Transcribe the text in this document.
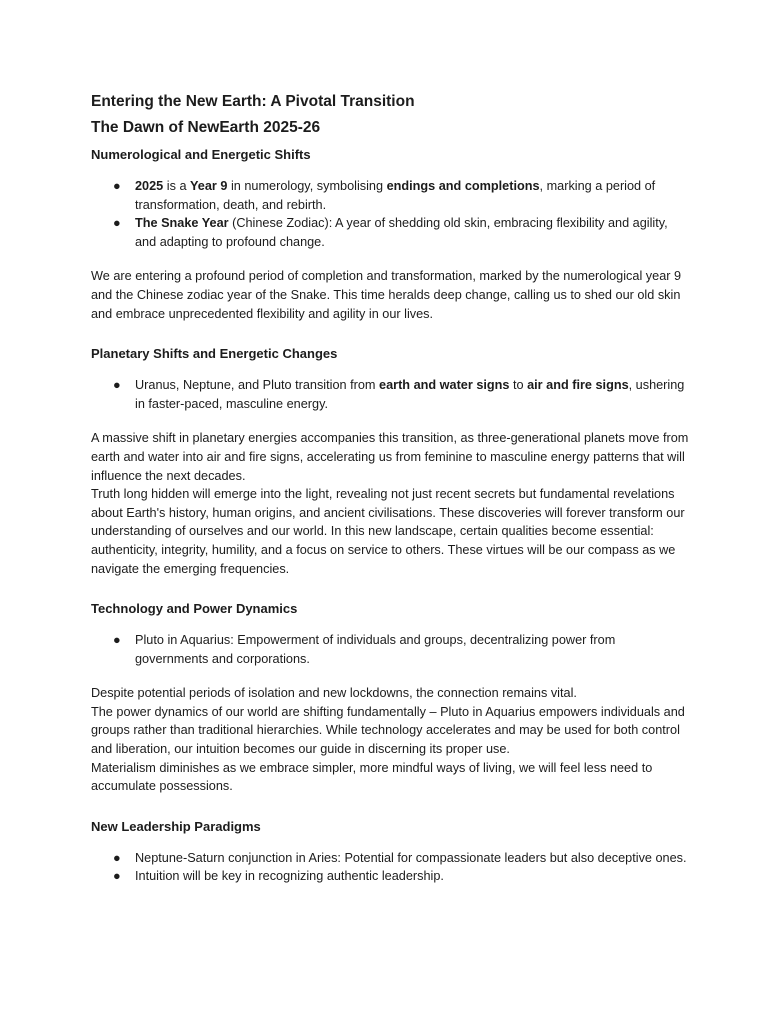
Entering the New Earth: A Pivotal Transition
The Dawn of NewEarth 2025-26
Numerological and Energetic Shifts
● 2025 is a Year 9 in numerology, symbolising endings and completions, marking a period of transformation, death, and rebirth.
● The Snake Year (Chinese Zodiac): A year of shedding old skin, embracing flexibility and agility, and adapting to profound change.

We are entering a profound period of completion and transformation, marked by the numerological year 9 and the Chinese zodiac year of the Snake. This time heralds deep change, calling us to shed our old skin and embrace unprecedented flexibility and agility in our lives.

Planetary Shifts and Energetic Changes
● Uranus, Neptune, and Pluto transition from earth and water signs to air and fire signs, ushering in faster-paced, masculine energy.

A massive shift in planetary energies accompanies this transition, as three-generational planets move from earth and water into air and fire signs, accelerating us from feminine to masculine energy patterns that will influence the next decades.

Truth long hidden will emerge into the light, revealing not just recent secrets but fundamental revelations about Earth's history, human origins, and ancient civilisations. These discoveries will forever transform our understanding of ourselves and our world. In this new landscape, certain qualities become essential: authenticity, integrity, humility, and a focus on service to others. These virtues will be our compass as we navigate the emerging frequencies.

Technology and Power Dynamics
● Pluto in Aquarius: Empowerment of individuals and groups, decentralizing power from governments and corporations.

Despite potential periods of isolation and new lockdowns, the connection remains vital.

The power dynamics of our world are shifting fundamentally – Pluto in Aquarius empowers individuals and groups rather than traditional hierarchies. While technology accelerates and may be used for both control and liberation, our intuition becomes our guide in discerning its proper use.

Materialism diminishes as we embrace simpler, more mindful ways of living, we will feel less need to accumulate possessions.

New Leadership Paradigms
● Neptune-Saturn conjunction in Aries: Potential for compassionate leaders but also deceptive ones.
● Intuition will be key in recognizing authentic leadership.
